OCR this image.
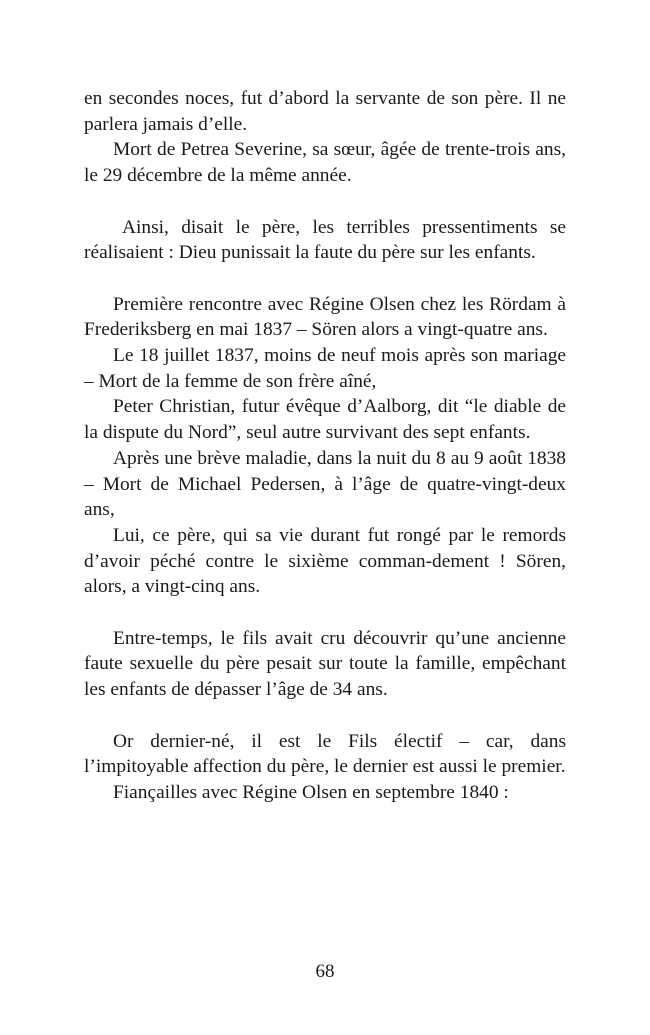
en secondes noces, fut d’abord la servante de son père. Il ne parlera jamais d’elle.

Mort de Petrea Severine, sa sœur, âgée de trente-trois ans, le 29 décembre de la même année.

Ainsi, disait le père, les terribles pressentiments se réalisaient : Dieu punissait la faute du père sur les enfants.

Première rencontre avec Régine Olsen chez les Rördam à Frederiksberg en mai 1837 – Sören alors a vingt-quatre ans.

Le 18 juillet 1837, moins de neuf mois après son mariage – Mort de la femme de son frère aîné,

Peter Christian, futur évêque d’Aalborg, dit “le diable de la dispute du Nord”, seul autre survivant des sept enfants.

Après une brève maladie, dans la nuit du 8 au 9 août 1838 – Mort de Michael Pedersen, à l’âge de quatre-vingt-deux ans,

Lui, ce père, qui sa vie durant fut rongé par le remords d’avoir péché contre le sixième comman-dement ! Sören, alors, a vingt-cinq ans.

Entre-temps, le fils avait cru découvrir qu’une ancienne faute sexuelle du père pesait sur toute la famille, empêchant les enfants de dépasser l’âge de 34 ans.

Or dernier-né, il est le Fils électif – car, dans l’impitoyable affection du père, le dernier est aussi le premier.

Fiançailles avec Régine Olsen en septembre 1840 :

68
